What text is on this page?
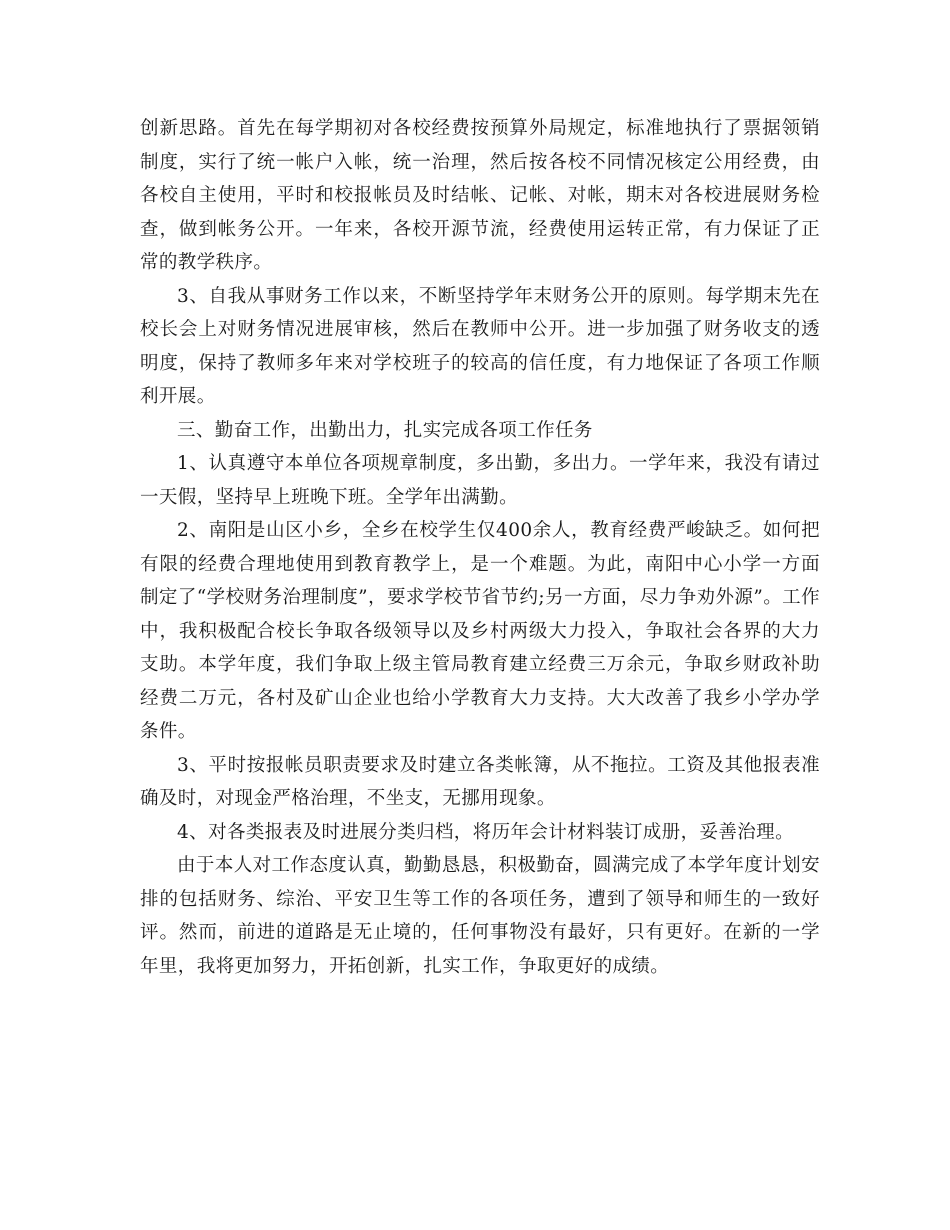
创新思路。首先在每学期初对各校经费按预算外局规定，标准地执行了票据领销制度，实行了统一帐户入帐，统一治理，然后按各校不同情况核定公用经费，由各校自主使用，平时和校报帐员及时结帐、记帐、对帐，期末对各校进展财务检查，做到帐务公开。一年来，各校开源节流，经费使用运转正常，有力保证了正常的教学秩序。

3、自我从事财务工作以来，不断坚持学年末财务公开的原则。每学期末先在校长会上对财务情况进展审核，然后在教师中公开。进一步加强了财务收支的透明度，保持了教师多年来对学校班子的较高的信任度，有力地保证了各项工作顺利开展。

三、勤奋工作，出勤出力，扎实完成各项工作任务

1、认真遵守本单位各项规章制度，多出勤，多出力。一学年来，我没有请过一天假，坚持早上班晚下班。全学年出满勤。

2、南阳是山区小乡，全乡在校学生仅400余人，教育经费严峻缺乏。如何把有限的经费合理地使用到教育教学上，是一个难题。为此，南阳中心小学一方面制定了“学校财务治理制度”，要求学校节省节约;另一方面，尽力争劝外源”。工作中，我积极配合校长争取各级领导以及乡村两级大力投入，争取社会各界的大力支助。本学年度，我们争取上级主管局教育建立经费三万余元，争取乡财政补助经费二万元，各村及矿山企业也给小学教育大力支持。大大改善了我乡小学办学条件。

3、平时按报帐员职责要求及时建立各类帐簿，从不拖拉。工资及其他报表准确及时，对现金严格治理，不坐支，无挪用现象。

4、对各类报表及时进展分类归档，将历年会计材料装订成册，妥善治理。

由于本人对工作态度认真，勤勤恳恳，积极勤奋，圆满完成了本学年度计划安排的包括财务、综治、平安卫生等工作的各项任务，遭到了领导和师生的一致好评。然而，前进的道路是无止境的，任何事物没有最好，只有更好。在新的一学年里，我将更加努力，开拓创新，扎实工作，争取更好的成绩。
